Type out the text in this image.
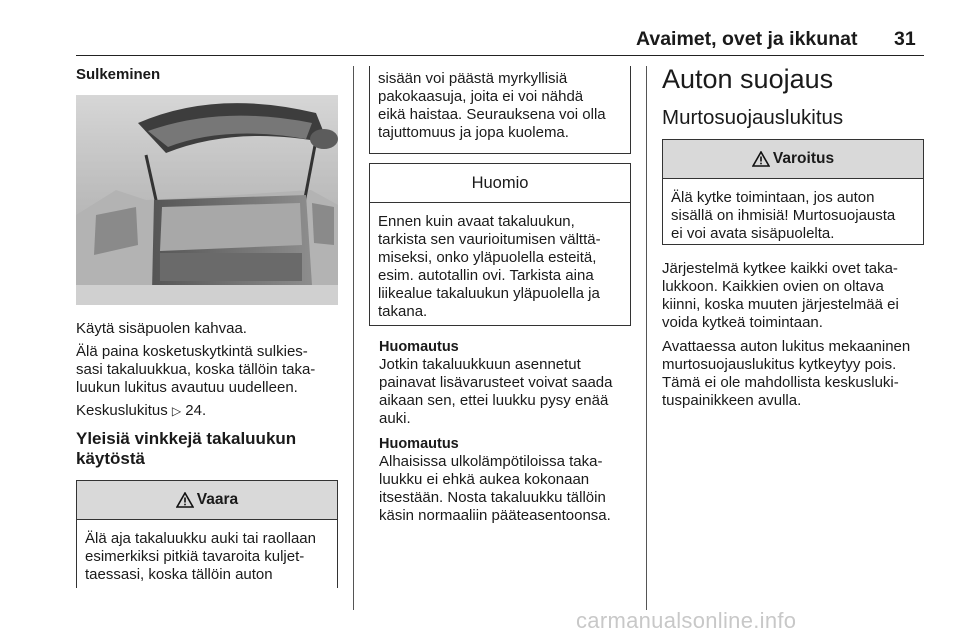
Avaimet, ovet ja ikkunat 31
Sulkeminen

Käytä sisäpuolen kahvaa.

Älä paina kosketuskytkintä sulkies-
sasi takaluukkua, koska tällöin taka-
luukun lukitus avautuu uudelleen.

Keskuslukitus ▷ 24.

Yleisiä vinkkejä takaluukun
käytöstä

Vaara
Älä aja takaluukku auki tai raollaan
esimerkiksi pitkiä tavaroita kuljet-
taessasi, koska tällöin auton
sisään voi päästä myrkyllisiä
pakokaasuja, joita ei voi nähdä
eikä haistaa. Seurauksena voi olla
tajuttomuus ja jopa kuolema.
Huomio
Ennen kuin avaat takaluukun,
tarkista sen vaurioitumisen välttä-
miseksi, onko yläpuolella esteitä,
esim. autotallin ovi. Tarkista aina
liikealue takaluukun yläpuolella ja
takana.
Huomautus

Jotkin takaluukkuun asennetut
painavat lisävarusteet voivat saada
aikaan sen, ettei luukku pysy enää
auki.

Huomautus

Alhaisissa ulkolämpötiloissa taka-
luukku ei ehkä aukea kokonaan
itsestään. Nosta takaluukku tällöin
käsin normaaliin pääteasentoonsa.

Auton suojaus
Murtosuojauslukitus
Varoitus
Älä kytke toimintaan, jos auton
sisällä on ihmisiä! Murtosuojausta
ei voi avata sisäpuolelta.

Järjestelmä kytkee kaikki ovet taka-
lukkoon. Kaikkien ovien on oltava
kiinni, koska muuten järjestelmää ei
voida kytkeä toimintaan.

Avattaessa auton lukitus mekaaninen
murtosuojauslukitus kytkeytyy pois.
Tämä ei ole mahdollista keskusluki-
tuspainikkeen avulla.

carmanualsonline.info
